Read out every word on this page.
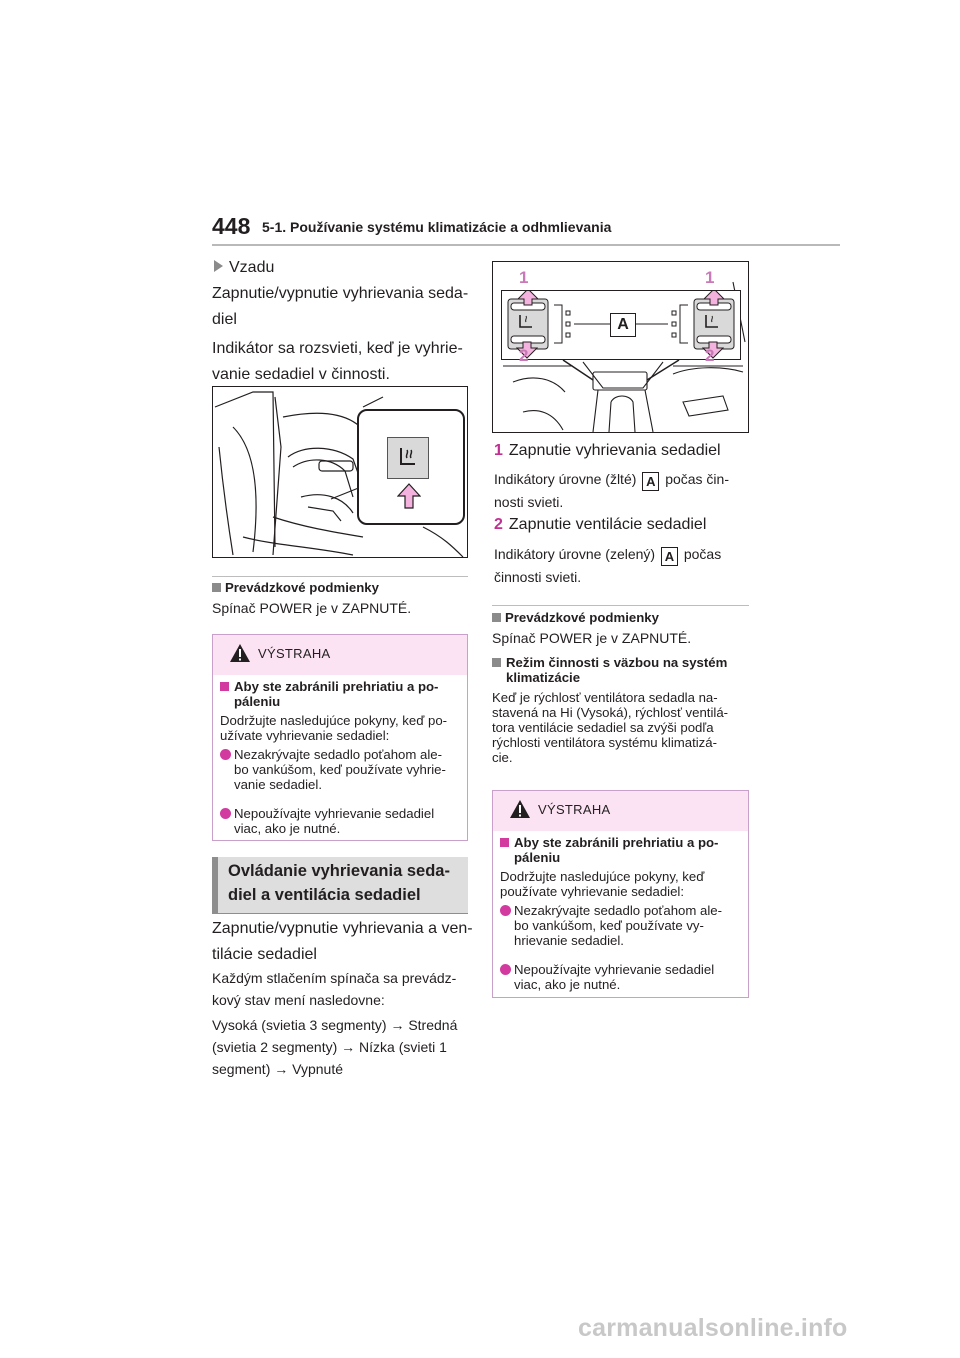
448 5-1. Používanie systému klimatizácie a odhmlievania
Vzadu
Zapnutie/vypnutie vyhrievania seda-
diel
Indikátor sa rozsvieti, keď je vyhrie-
vanie sedadiel v činnosti.
Prevádzkové podmienky
Spínač POWER je v ZAPNUTÉ.
VÝSTRAHA
Aby ste zabránili prehriatiu a po-
páleniu
Dodržujte nasledujúce pokyny, keď po-
užívate vyhrievanie sedadiel:
Nezakrývajte sedadlo poťahom ale-
bo vankúšom, keď používate vyhrie-
vanie sedadiel.
Nepoužívajte vyhrievanie sedadiel
viac, ako je nutné.
Ovládanie vyhrievania seda-
diel a ventilácia sedadiel
Zapnutie/vypnutie vyhrievania a ven-
tilácie sedadiel
Každým stlačením spínača sa prevádz-
kový stav mení nasledovne:
Vysoká (svietia 3 segmenty) → Stredná
(svietia 2 segmenty) → Nízka (svieti 1
segment) → Vypnuté
A
1	1
2	2
1 Zapnutie vyhrievania sedadiel
Indikátory úrovne (žlté) A počas čin-
nosti svieti.
2 Zapnutie ventilácie sedadiel
Indikátory úrovne (zelený) A počas
činnosti svieti.
Prevádzkové podmienky
Spínač POWER je v ZAPNUTÉ.
Režim činnosti s väzbou na systém
klimatizácie
Keď je rýchlosť ventilátora sedadla na-
stavená na Hi (Vysoká), rýchlosť ventilá-
tora ventilácie sedadiel sa zvýši podľa
rýchlosti ventilátora systému klimatizá-
cie.
VÝSTRAHA
Aby ste zabránili prehriatiu a po-
páleniu
Dodržujte nasledujúce pokyny, keď
používate vyhrievanie sedadiel:
Nezakrývajte sedadlo poťahom ale-
bo vankúšom, keď používate vy-
hrievanie sedadiel.
Nepoužívajte vyhrievanie sedadiel
viac, ako je nutné.
carmanualsonline.info
